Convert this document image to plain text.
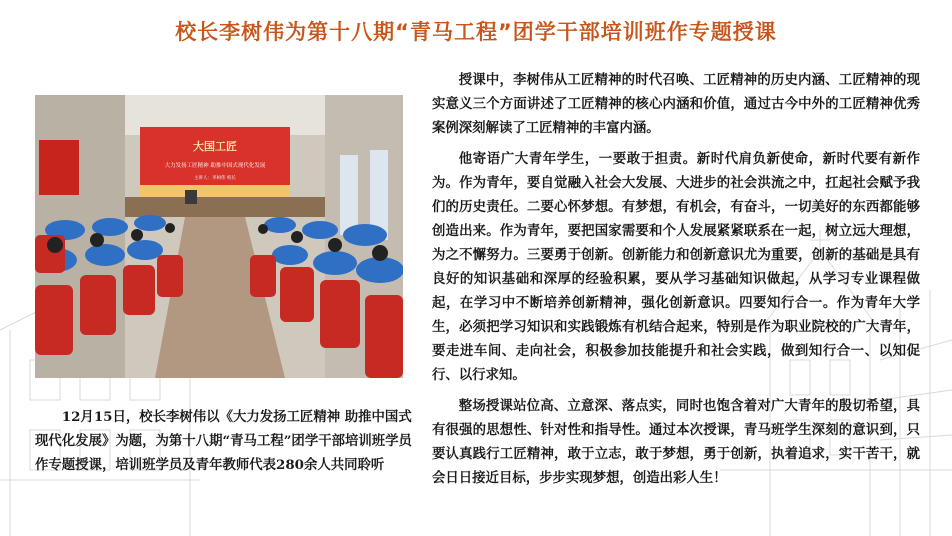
校长李树伟为第十八期“青马工程”团学干部培训班作专题授课
大国工匠
大力发扬工匠精神 助推中国式现代化发展
主讲人：李树伟 校长
12月15日，校长李树伟以《大力发扬工匠精神 助推中国式现代化发展》为题，为第十八期“青马工程”团学干部培训班学员作专题授课，培训班学员及青年教师代表280余人共同聆听

授课中，李树伟从工匠精神的时代召唤、工匠精神的历史内涵、工匠精神的现实意义三个方面讲述了工匠精神的核心内涵和价值，通过古今中外的工匠精神优秀案例深刻解读了工匠精神的丰富内涵。

他寄语广大青年学生，一要敢于担责。新时代肩负新使命，新时代要有新作为。作为青年，要自觉融入社会大发展、大进步的社会洪流之中，扛起社会赋予我们的历史责任。二要心怀梦想。有梦想，有机会，有奋斗，一切美好的东西都能够创造出来。作为青年，要把国家需要和个人发展紧紧联系在一起，树立远大理想，为之不懈努力。三要勇于创新。创新能力和创新意识尤为重要，创新的基础是具有良好的知识基础和深厚的经验积累，要从学习基础知识做起，从学习专业课程做起，在学习中不断培养创新精神，强化创新意识。四要知行合一。作为青年大学生，必须把学习知识和实践锻炼有机结合起来，特别是作为职业院校的广大青年，要走进车间、走向社会，积极参加技能提升和社会实践，做到知行合一、以知促行、以行求知。

整场授课站位高、立意深、落点实，同时也饱含着对广大青年的殷切希望，具有很强的思想性、针对性和指导性。通过本次授课，青马班学生深刻的意识到，只要认真践行工匠精神，敢于立志，敢于梦想，勇于创新，执着追求，实干苦干，就会日日接近目标，步步实现梦想，创造出彩人生！
